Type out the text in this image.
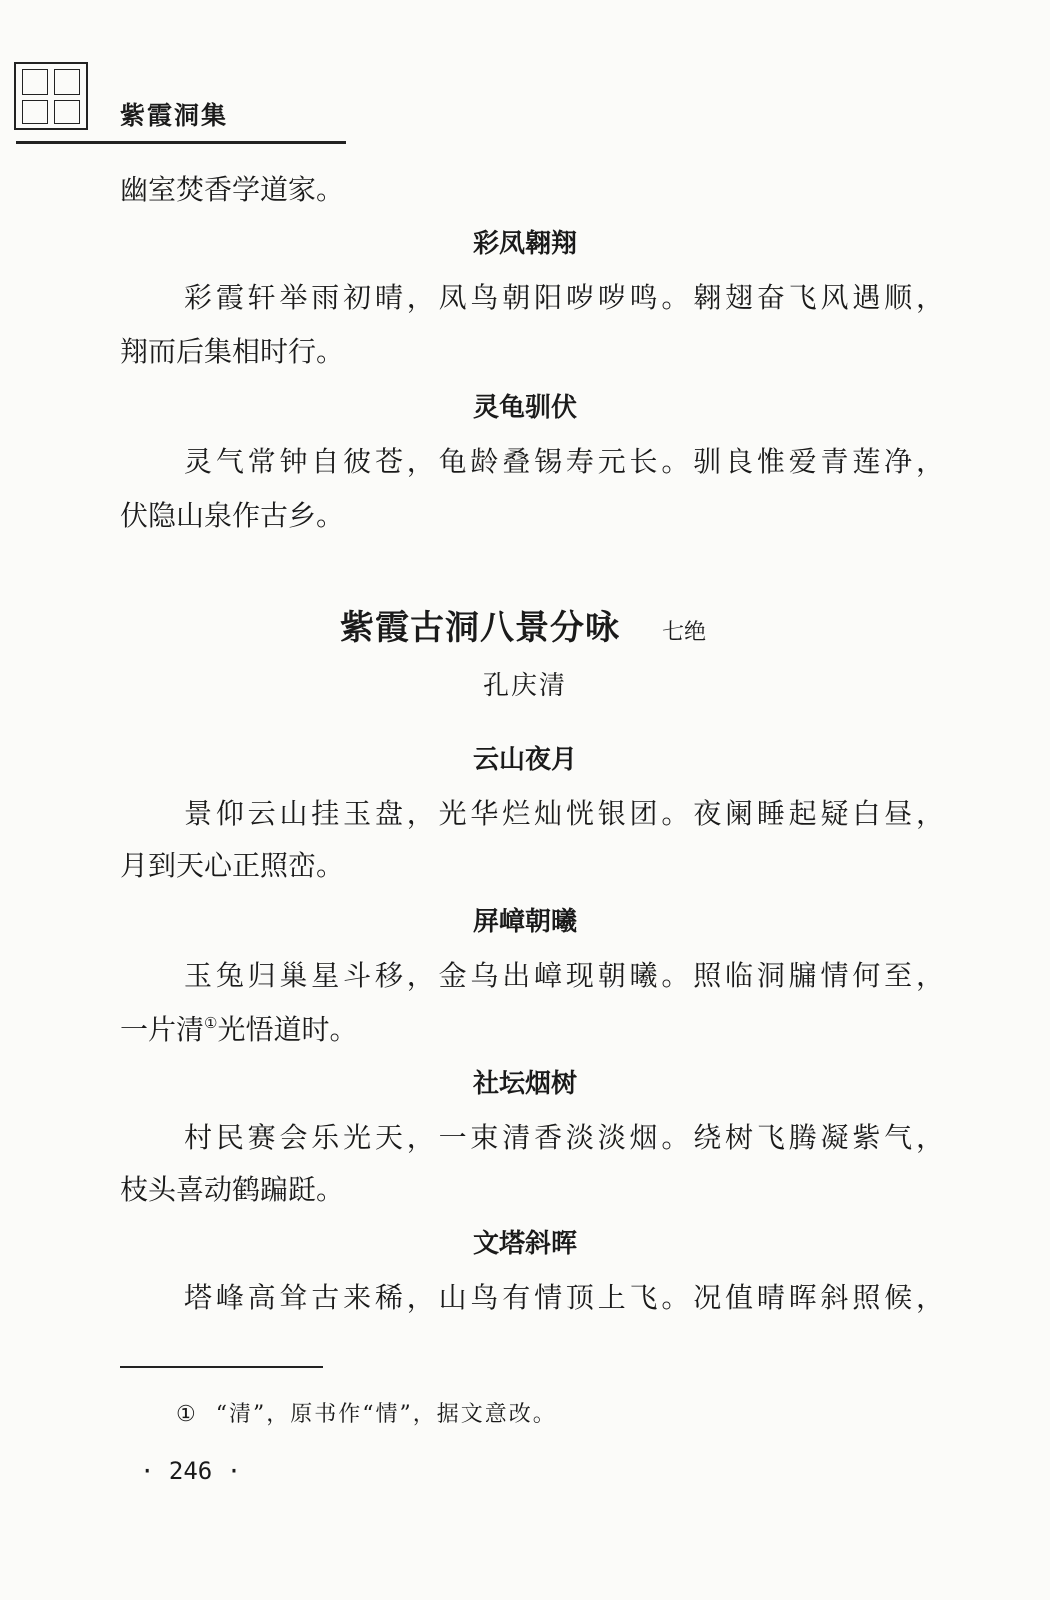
紫霞洞集
幽室焚香学道家。
彩凤翱翔
彩霞轩举雨初晴，凤鸟朝阳哕哕鸣。翱翅奋飞风遇顺，
翔而后集相时行。
灵龟驯伏
灵气常钟自彼苍，龟龄叠锡寿元长。驯良惟爱青莲净，
伏隐山泉作古乡。
紫霞古洞八景分咏 七绝
孔庆清
云山夜月
景仰云山挂玉盘，光华烂灿恍银团。夜阑睡起疑白昼，
月到天心正照峦。
屏嶂朝曦
玉兔归巢星斗移，金乌出嶂现朝曦。照临洞牖情何至，
一片清①光悟道时。
社坛烟树
村民赛会乐光天，一束清香淡淡烟。绕树飞腾凝紫气，
枝头喜动鹤蹁跹。
文塔斜晖
塔峰高耸古来稀，山鸟有情顶上飞。况值晴晖斜照候，
① “清”，原书作“情”，据文意改。
· 246 ·
